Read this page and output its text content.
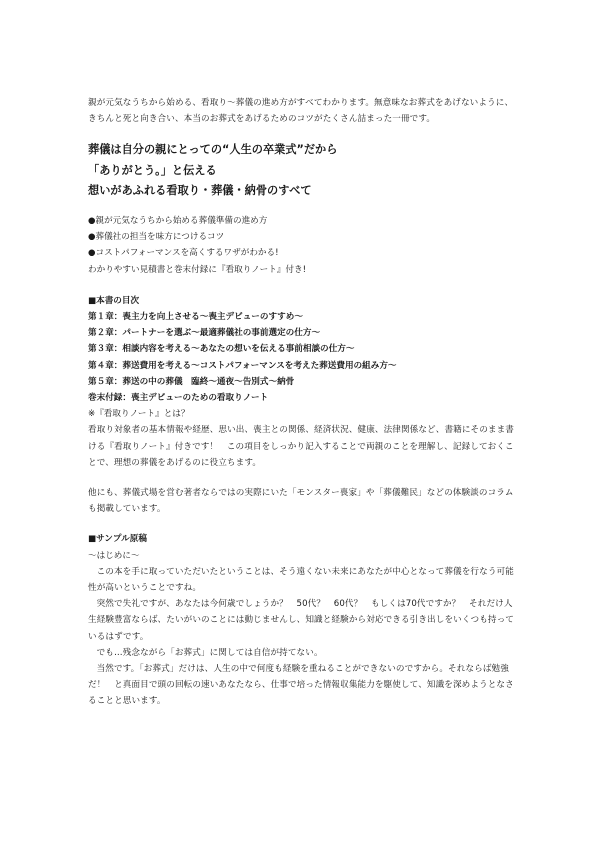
親が元気なうちから始める、看取り～葬儀の進め方がすべてわかります。無意味なお葬式をあげないように、きちんと死と向き合い、本当のお葬式をあげるためのコツがたくさん詰まった一冊です。

葬儀は自分の親にとっての“人生の卒業式”だから
「ありがとう。」と伝える
想いがあふれる看取り・葬儀・納骨のすべて
●親が元気なうちから始める葬儀準備の進め方
●葬儀社の担当を味方につけるコツ
●コストパフォーマンスを高くするワザがわかる!
わかりやすい見積書と巻末付録に『看取りノート』付き!
■本書の目次
第１章：喪主力を向上させる～喪主デビューのすすめ～
第２章：パートナーを選ぶ～最適葬儀社の事前選定の仕方～
第３章：相談内容を考える～あなたの想いを伝える事前相談の仕方～
第４章：葬送費用を考える～コストパフォーマンスを考えた葬送費用の組み方～
第５章：葬送の中の葬儀　臨終～通夜～告別式～納骨
巻末付録：喪主デビューのための看取りノート
※『看取りノート』とは？

看取り対象者の基本情報や経歴、思い出、喪主との関係、経済状況、健康、法律関係など、書籍にそのまま書ける『看取りノート』付きです！　この項目をしっかり記入することで両親のことを理解し、記録しておくことで、理想の葬儀をあげるのに役立ちます。

他にも、葬儀式場を営む著者ならではの実際にいた「モンスター喪家」や「葬儀難民」などの体験談のコラムも掲載しています。

■サンプル原稿
～はじめに～

この本を手に取っていただいたということは、そう遠くない未来にあなたが中心となって葬儀を行なう可能性が高いということですね。

突然で失礼ですが、あなたは今何歳でしょうか？　50代？　60代？　もしくは70代ですか？　それだけ人生経験豊富ならば、たいがいのことには動じませんし、知識と経験から対応できる引き出しをいくつも持っているはずです。

でも…残念ながら「お葬式」に関しては自信が持てない。

当然です。「お葬式」だけは、人生の中で何度も経験を重ねることができないのですから。それならば勉強だ！　と真面目で頭の回転の速いあなたなら、仕事で培った情報収集能力を駆使して、知識を深めようとなさることと思います。
